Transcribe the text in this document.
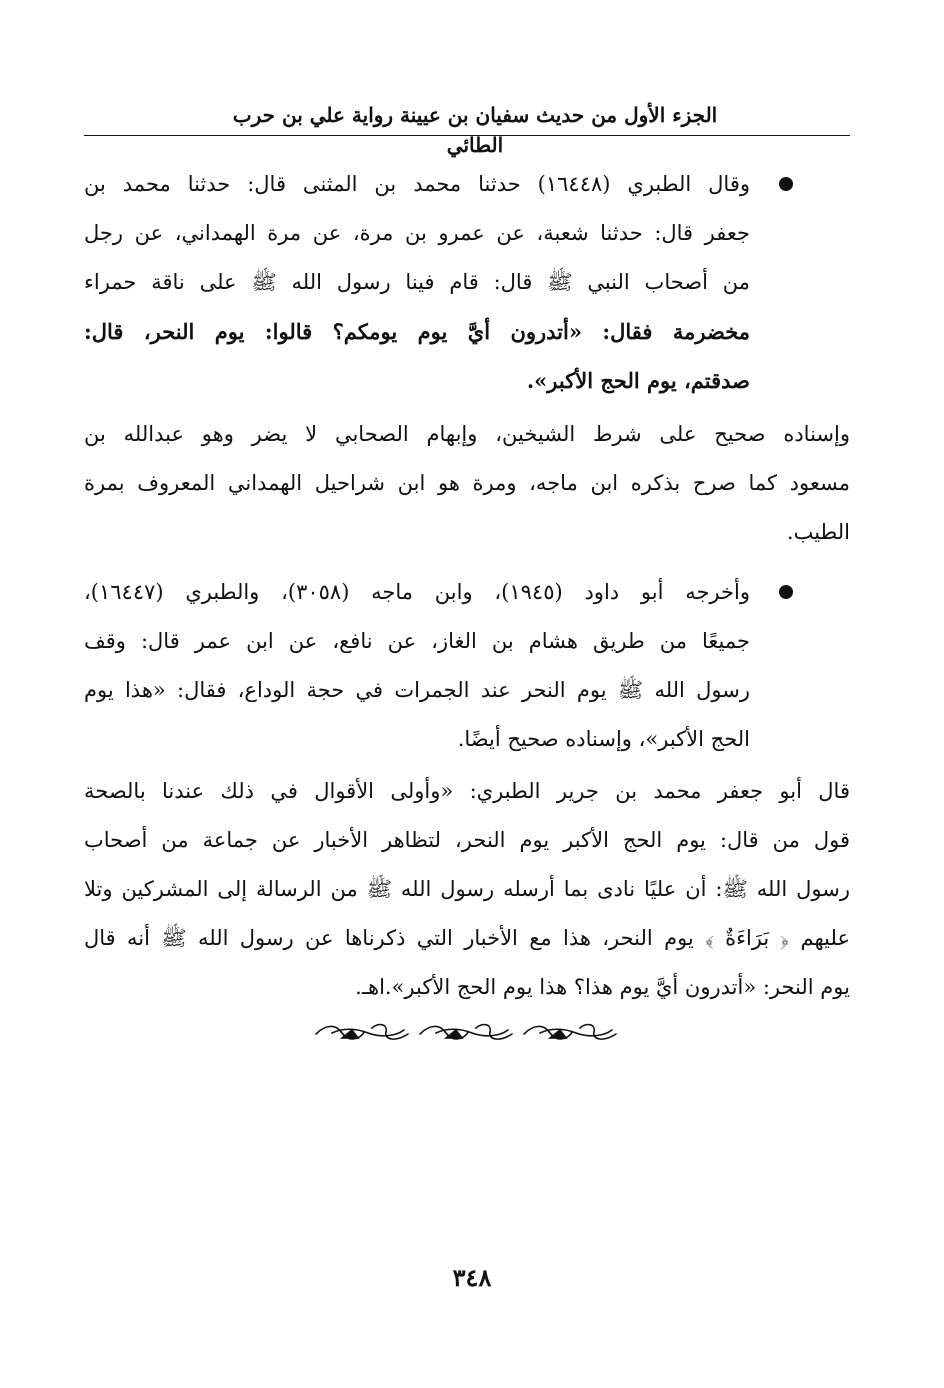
الجزء الأول من حديث سفيان بن عيينة رواية علي بن حرب الطائي
وقال الطبري (١٦٤٤٨) حدثنا محمد بن المثنى قال: حدثنا محمد بن
جعفر قال: حدثنا شعبة، عن عمرو بن مرة، عن مرة الهمداني، عن رجل
من أصحاب النبي ﷺ قال: قام فينا رسول الله ﷺ على ناقة حمراء
مخضرمة فقال: «أتدرون أيَّ يوم يومكم؟ قالوا: يوم النحر، قال:
صدقتم، يوم الحج الأكبر».
وإسناده صحيح على شرط الشيخين، وإبهام الصحابي لا يضر وهو عبدالله بن
مسعود كما صرح بذكره ابن ماجه، ومرة هو ابن شراحيل الهمداني المعروف بمرة
الطيب.
وأخرجه أبو داود (١٩٤٥)، وابن ماجه (٣٠٥٨)، والطبري (١٦٤٤٧)،
جميعًا من طريق هشام بن الغاز، عن نافع، عن ابن عمر قال: وقف
رسول الله ﷺ يوم النحر عند الجمرات في حجة الوداع، فقال: «هذا يوم
الحج الأكبر»، وإسناده صحيح أيضًا.
قال أبو جعفر محمد بن جرير الطبري: «وأولى الأقوال في ذلك عندنا بالصحة
قول من قال: يوم الحج الأكبر يوم النحر، لتظاهر الأخبار عن جماعة من أصحاب
رسول الله ﷺ: أن عليًا نادى بما أرسله رسول الله ﷺ من الرسالة إلى المشركين وتلا
عليهم ﴿ بَرَاءَةٌ ﴾ يوم النحر، هذا مع الأخبار التي ذكرناها عن رسول الله ﷺ أنه قال
يوم النحر: «أتدرون أيَّ يوم هذا؟ هذا يوم الحج الأكبر».اهـ.
٣٤٨
